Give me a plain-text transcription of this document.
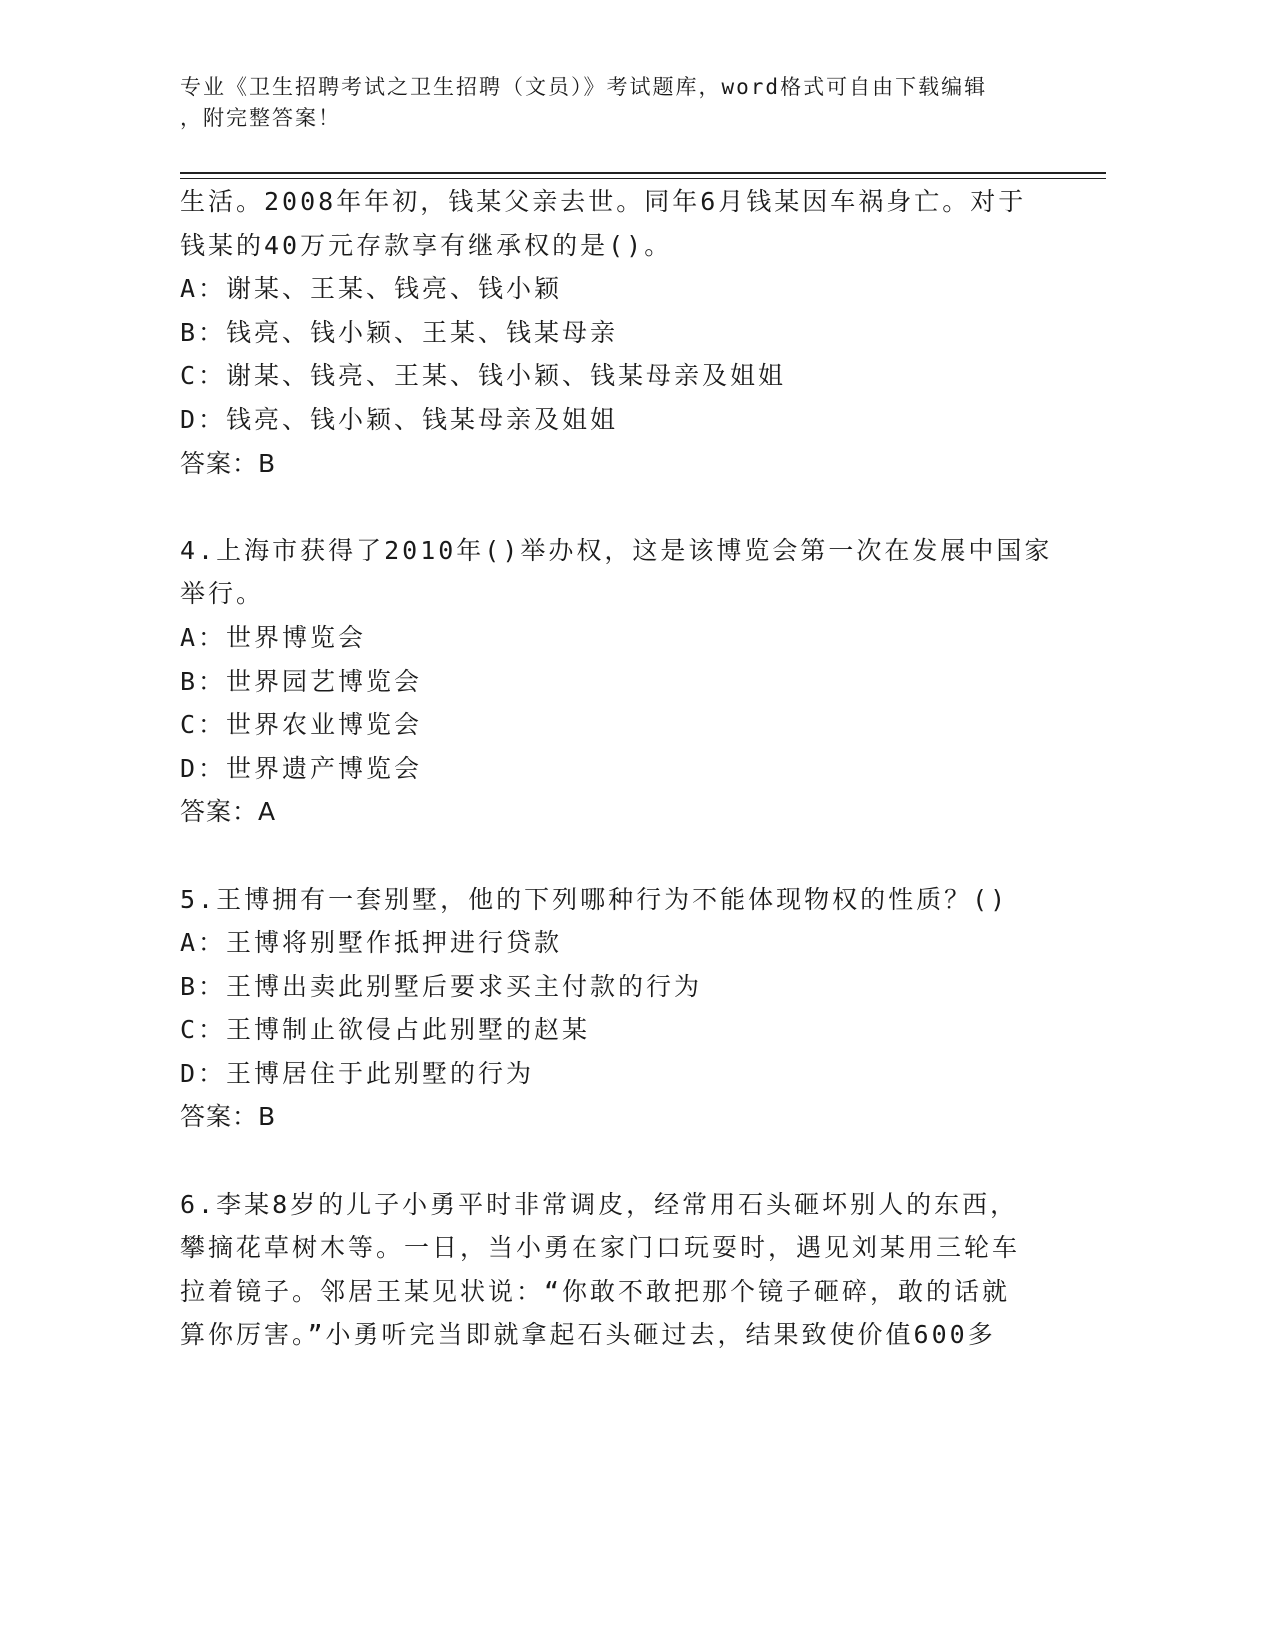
专业《卫生招聘考试之卫生招聘（文员）》考试题库，word格式可自由下载编辑
，附完整答案！
生活。2008年年初，钱某父亲去世。同年6月钱某因车祸身亡。对于
钱某的40万元存款享有继承权的是()。
A：谢某、王某、钱亮、钱小颖
B：钱亮、钱小颖、王某、钱某母亲
C：谢某、钱亮、王某、钱小颖、钱某母亲及姐姐
D：钱亮、钱小颖、钱某母亲及姐姐
答案：B
4.上海市获得了2010年()举办权，这是该博览会第一次在发展中国家
举行。
A：世界博览会
B：世界园艺博览会
C：世界农业博览会
D：世界遗产博览会
答案：A
5.王博拥有一套别墅，他的下列哪种行为不能体现物权的性质？()
A：王博将别墅作抵押进行贷款
B：王博出卖此别墅后要求买主付款的行为
C：王博制止欲侵占此别墅的赵某
D：王博居住于此别墅的行为
答案：B
6.李某8岁的儿子小勇平时非常调皮，经常用石头砸坏别人的东西，
攀摘花草树木等。一日，当小勇在家门口玩耍时，遇见刘某用三轮车
拉着镜子。邻居王某见状说：“你敢不敢把那个镜子砸碎，敢的话就
算你厉害。”小勇听完当即就拿起石头砸过去，结果致使价值600多
